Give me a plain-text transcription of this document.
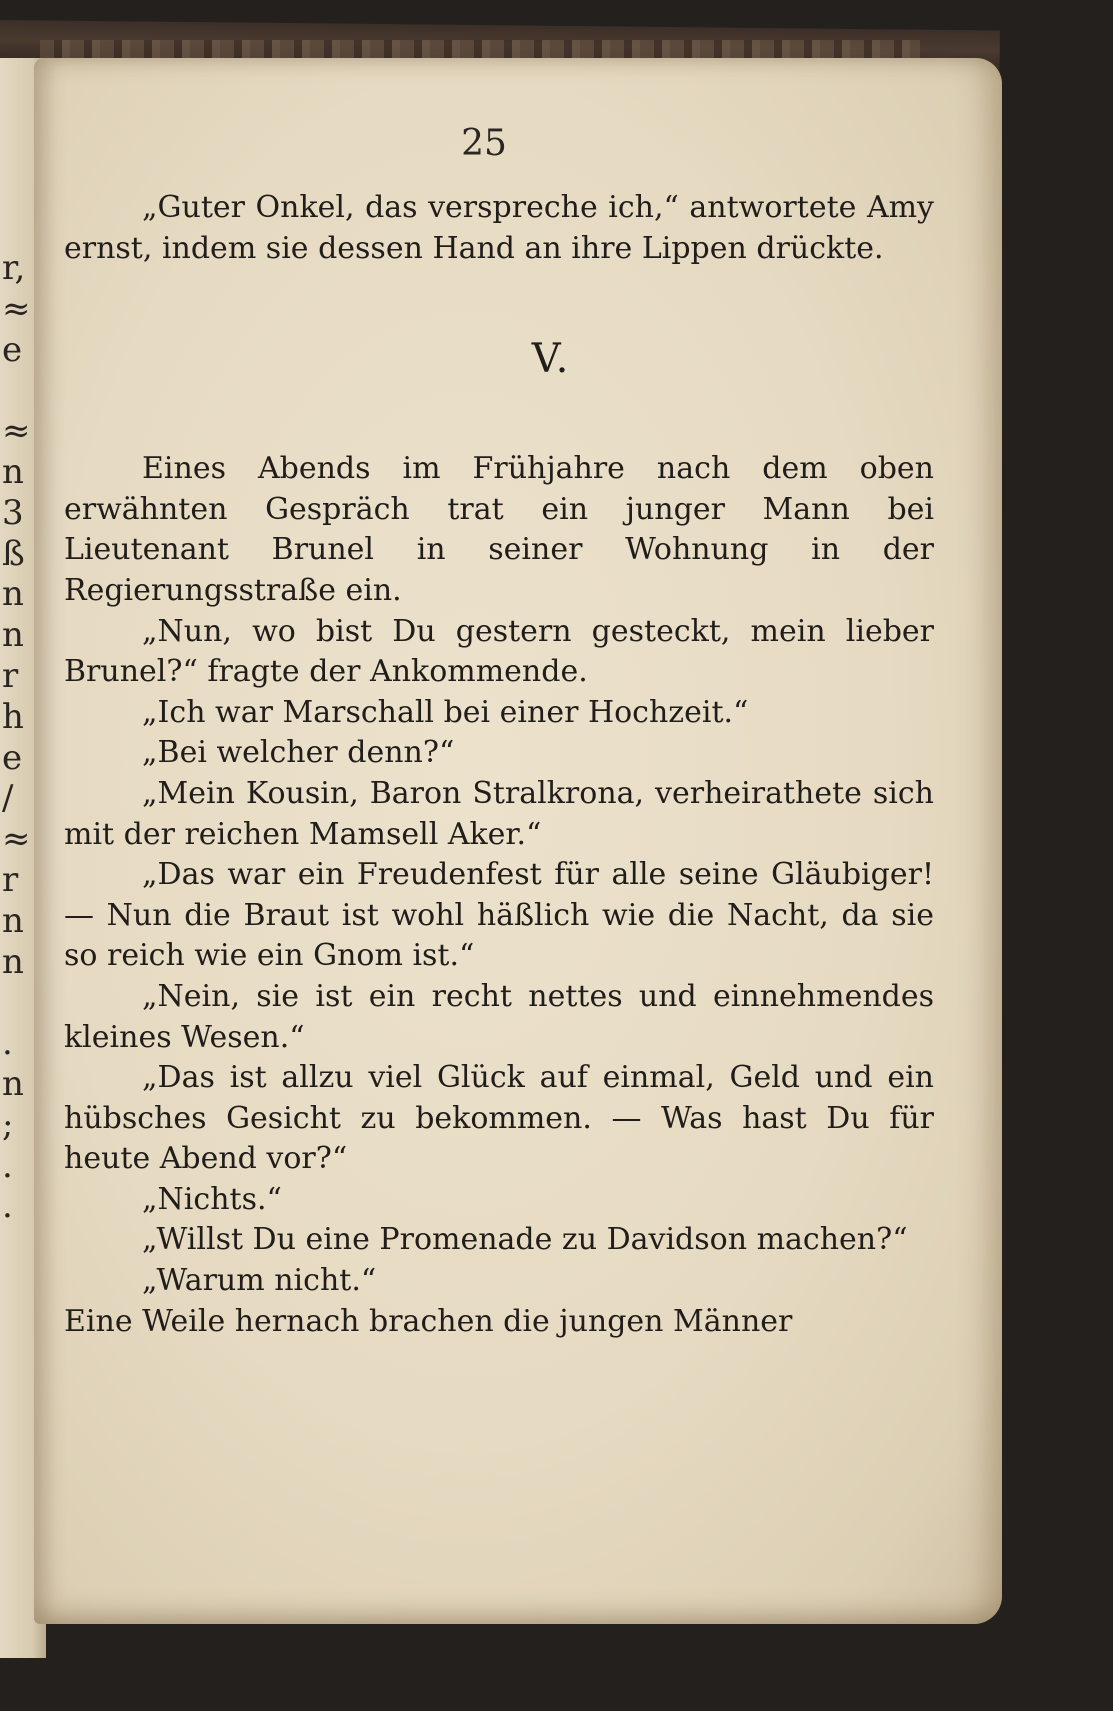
r,
≈
e

≈
n
3
ß
n
n
r
h
e
/
≈
r
n
n

.
n
;
.
.
25

„Guter Onkel, das verspreche ich,“ antwortete Amy ernst, indem sie dessen Hand an ihre Lippen drückte.

V.

Eines Abends im Frühjahre nach dem oben erwähnten Gespräch trat ein junger Mann bei Lieutenant Brunel in seiner Wohnung in der Regierungsstraße ein.

„Nun, wo bist Du gestern gesteckt, mein lieber Brunel?“ fragte der Ankommende.

„Ich war Marschall bei einer Hochzeit.“

„Bei welcher denn?“

„Mein Kousin, Baron Stralkrona, verheirathete sich mit der reichen Mamsell Aker.“

„Das war ein Freudenfest für alle seine Gläubiger! — Nun die Braut ist wohl häßlich wie die Nacht, da sie so reich wie ein Gnom ist.“

„Nein, sie ist ein recht nettes und einnehmendes kleines Wesen.“

„Das ist allzu viel Glück auf einmal, Geld und ein hübsches Gesicht zu bekommen. — Was hast Du für heute Abend vor?“

„Nichts.“

„Willst Du eine Promenade zu Davidson machen?“

„Warum nicht.“

Eine Weile hernach brachen die jungen Männer
